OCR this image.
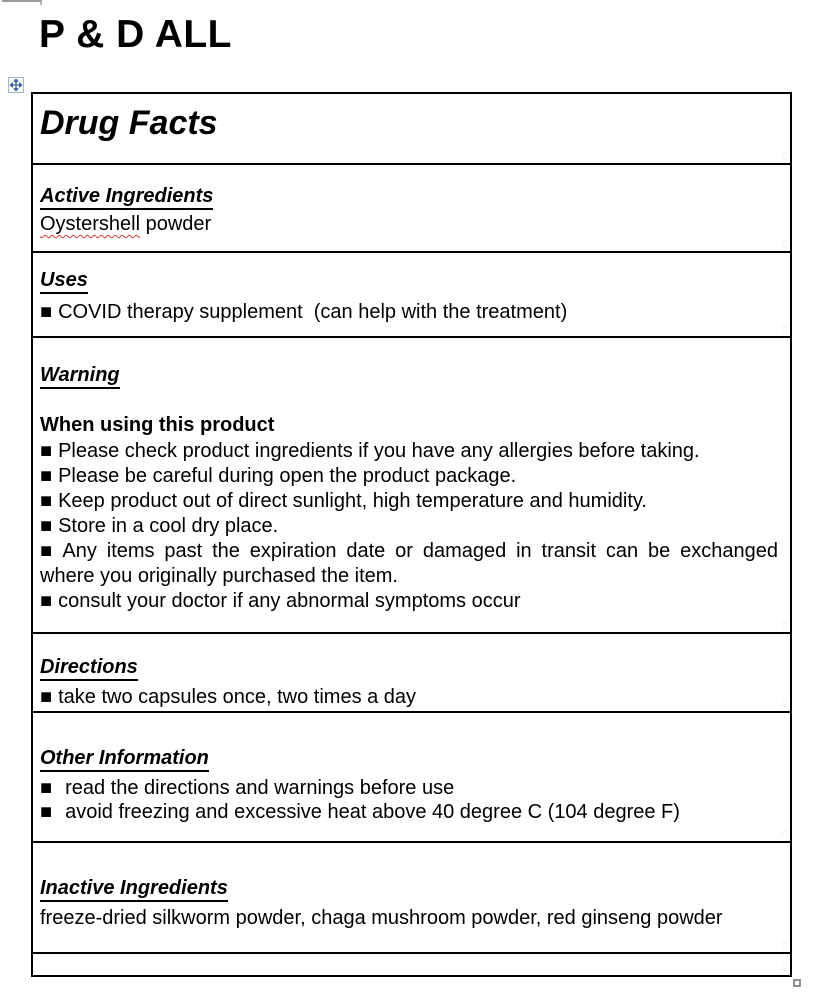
P & D ALL
Drug Facts
Active Ingredients

Oystershell powder

Uses

■ COVID therapy supplement  (can help with the treatment)

Warning

When using this product

■ Please check product ingredients if you have any allergies before taking.

■ Please be careful during open the product package.

■ Keep product out of direct sunlight, high temperature and humidity.

■ Store in a cool dry place.

■ Any items past the expiration date or damaged in transit can be exchanged
where you originally purchased the item.

■ consult your doctor if any abnormal symptoms occur

Directions

■ take two capsules once, two times a day

Other Information

■ read the directions and warnings before use

■ avoid freezing and excessive heat above 40 degree C (104 degree F)

Inactive Ingredients

freeze-dried silkworm powder, chaga mushroom powder, red ginseng powder
